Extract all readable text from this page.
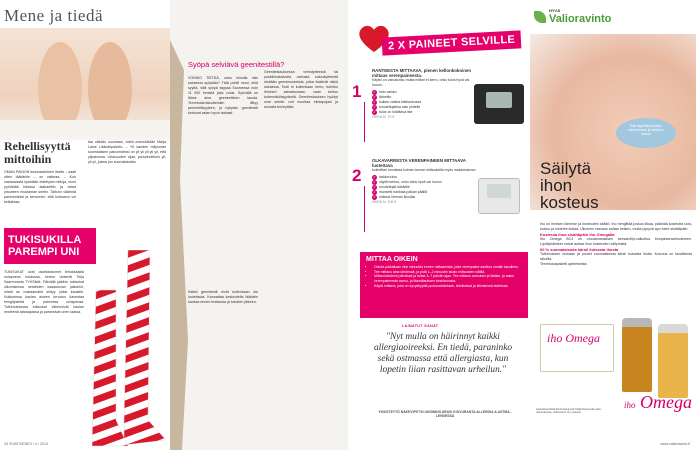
Mene ja tiedä
Rehellisyyttä mittoihin
OMAN PAINON tunnustaminen itselle – saati otten lääkärille – on vaikeaa. – Kun vastaavasta kyselään elatetyksi mittoja, moni pyöristää kiloissa alakanttiin ja toisia pituuteen muutaman sentin. Tarkoin väärintä painoindeksi ja senversin, että hoitoarvo voi keikahtaa.
taa oikidän suuntaan, toteä enkeröälääri Marja Laine Lääkäripalvelu. – Yli kanden miljoonan suomalaisen painoindeksi on yli yli yli yli yli, että ylipainosia. Lihavuuden vijan, painoindeksin yli, yli yli, joissa joo suomalaisista.
TUKISUKILLA PAREMPI UNI
TUKISUKAT ovat osoittautuneet tehokkaaksi uniapnean hoidossa, kertoo dosentti Teija Saarenranta TYKSistä. Päivällä jalkihin tukisukat ulkomisessa nesteiden kasautuvan jalkoihin, mistä se makaamalla siirtyy yöksi kaulalle. Nukkuessa kaulan alueen turvotus kaventaa hengitysteitä ja pahentaa uniapneaa. Tutkimuksessa tukisukat vähensivät kaulan nesteenä alaraajoissa ja paransivat unen laatua.
34 VIVATIVENEV / 4 / 2014
Syöpä selviävä geenitestillä?
VOINKO TIETÄÄ, onko minulla riski sairastua syöpään? Tätä pohtii moni, eikä syyttä, sillä syöpä tappaa Suomessa noin 11 000 ihmistä joka vuosi. Syövällä on lähes aina geeneettinen tausta. Tervetolairoiskuttelukin liittyy perinnöllisyyteen, ja nykyisin geenitestit kertovat asian hyvin tarkasti.
Geenitestauksessa verinäytteestä tai poskilimakalvolta otetusta solunäytteestä etsitään geenimuutoksia, jotka lisäävät riskiä sairastua. Testi ei kuitenkaan kerro, tuleeko ihminen sairastumaan, vaan kertoo todennäköisyydestä. Geenitestauksen hyödyt ovat selvät: voit muuttaa elintapojasi ja seurata terveyttäsi.
Kaikki geenitestit eivät kuitenkaan ole luotettavia. Kannattaa keskustella lääkärin kanssa ennen testausta ja tulosten jälkeen.
2 X PAINEET SELVILLE
1
RANTEESTA MITTAAVA, pienen kellonkokoinen mittaus verenpaineesta.
Käyttö on vaivatonta, mutta mittari ei kerro, onko tulos hyvä vai huono.
✔ helo vaisko
✔ ääneitin
✔ kuiken vaikka käsilaukussa
✔ muutettujakka vain yhdelle
✔ tulos on tulkittava itse
HINTA N. 70 €
2
OLKAVARRESTA VERENPAINEEN MITTAAVA luotettava
kotimittari tunnistaa kolmen kerran mittauksilla myös maksimiarvon.
✔ tarkka tulos
✔ näyttö kertoo, onko tulos hyvä vai huono
✔ muutettujat käsitelle
✔ mansetti hankala paikan päällä
✔ mittaus hieman kivulias
HINTA N. 100 €
MITTAA OIKEIN
• Ostota paikallaan viisi minuuttia ennen mittaamista, jotta verenpaine asettuu omalle tasolleen.
• Tee mittaus aina lahdessä, ja pidä 1–2 minuutin tauko mittausten välillä.
• Mittaa kahdesti päivässä ja toista 3–7 päivän ajan. Tee mittaus aamuisin ja iltaisin, ja laske verenpaineesta aamu- ja iltamittauksen keskiarvosta.
• Käytä mittaria, joka on kyvykkyyttä puolusaiväntaan, tekniisissä ja kliinisessä testeissä.
LAINATUT SANAT
"Nyt mulla on häirinnyt kaikki allergiaoireeksi. En tiedä, paraninko sekä ostmassa että allergiasta, kun lopetin liian rasittavan urheilun."
YKSISTEYTÖ NÄKEVIPITYN UKSINKIN ARASI KOIVURANTA ALLERGIA & ASTMA -LEHDESSÄ
HYVÄ
Valioravinto
Ihon täydöistä koostuu rakentumaan ja rakentuu ihossa
Säilytä
ihon
kosteus
Iho on ihmisen lämmön ja kosteuden säätiö. Iho hengittää joskus liikaa, päästää kosteutta ulos, kuivuu ja siirtelee kutiaa. Ulkoinen rasvaus auttaa hetken, mutta pysyvä apu tulee sisältäpäin.
Kosteuta ihoa sisältäpäin iho Omegalla
Iho Omega BC4 on muutamanlaisen seesamilip-valkoitua ihonpintaravintoaineen. Lipidiyhdisteet voivat auttaa ihon kosteuden säilymistä.
60 % suomalaisista kärsii kuivasta ihosta
Tutkimuksen mukaan yli puolet suomalaisista kärsii kuivasta iholta. Kuivuus on tavallisinta talvella.
Tervetuloapaketti apteekeista.
iho Omega
Apteekissa Welli-Rentonkaupunki Valdenbeeriuulta valio-ravintoaineita. Valioravinto Oy, Helsinki.
iho Omega
www.valioravinto.fi
